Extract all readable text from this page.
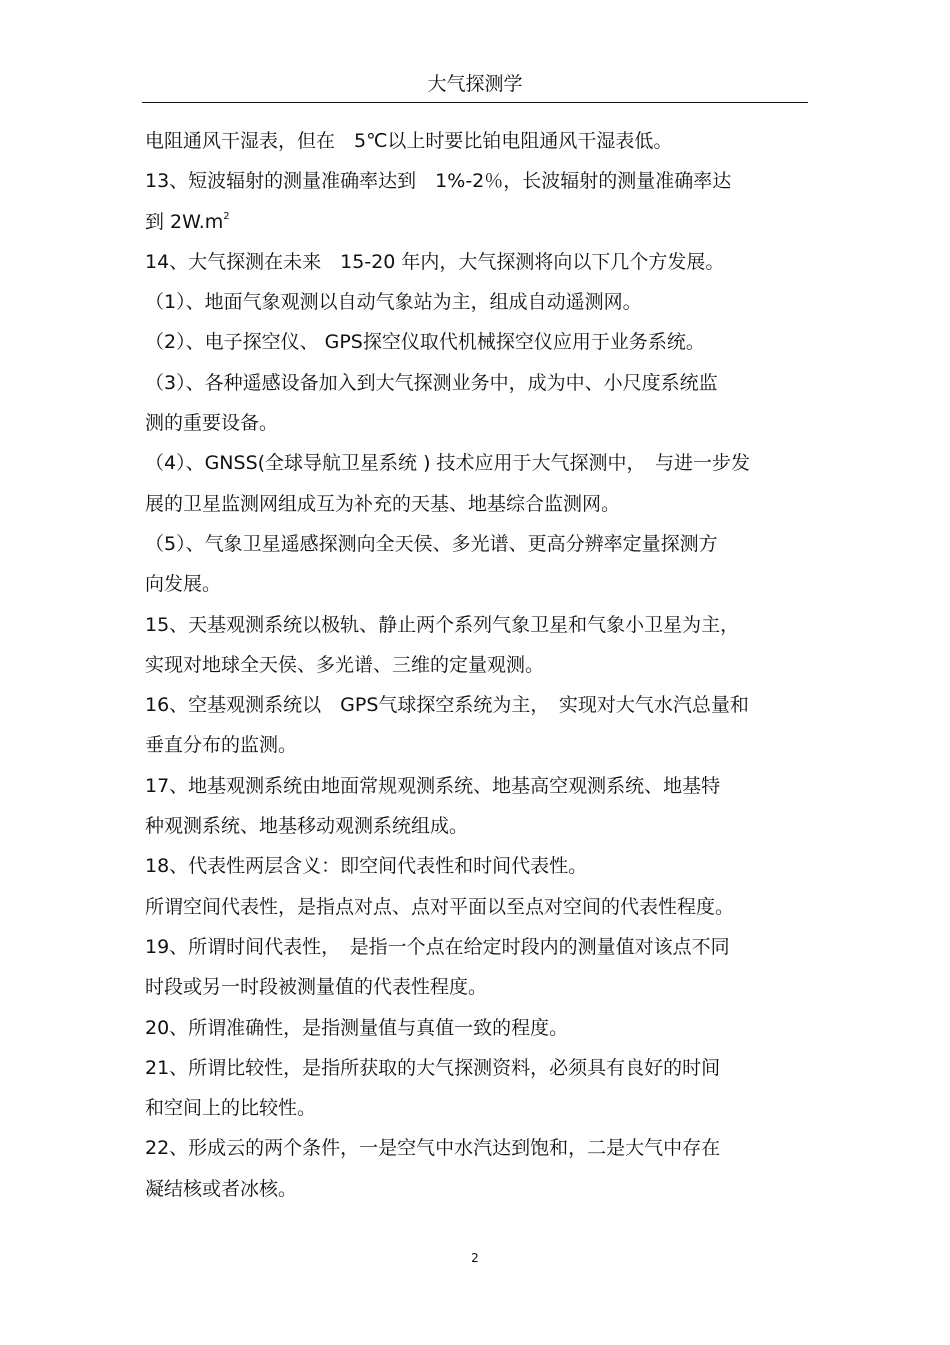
大气探测学
电阻通风干湿表，但在　5℃以上时要比铂电阻通风干湿表低。
13、短波辐射的测量准确率达到　1%-2％，长波辐射的测量准确率达
到 $2W.m^2$
14、大气探测在未来　15-20 年内，大气探测将向以下几个方发展。
（1）、地面气象观测以自动气象站为主，组成自动遥测网。
（2）、电子探空仪、 GPS探空仪取代机械探空仪应用于业务系统。
（3）、各种遥感设备加入到大气探测业务中，成为中、小尺度系统监
测的重要设备。
（4）、GNSS(全球导航卫星系统 ) 技术应用于大气探测中，　与进一步发
展的卫星监测网组成互为补充的天基、地基综合监测网。
（5）、气象卫星遥感探测向全天侯、多光谱、更高分辨率定量探测方
向发展。
15、天基观测系统以极轨、静止两个系列气象卫星和气象小卫星为主，
实现对地球全天侯、多光谱、三维的定量观测。
16、空基观测系统以　GPS气球探空系统为主，　实现对大气水汽总量和
垂直分布的监测。
17、地基观测系统由地面常规观测系统、地基高空观测系统、地基特
种观测系统、地基移动观测系统组成。
18、代表性两层含义：即空间代表性和时间代表性。
所谓空间代表性，是指点对点、点对平面以至点对空间的代表性程度。
19、所谓时间代表性，　是指一个点在给定时段内的测量值对该点不同
时段或另一时段被测量值的代表性程度。
20、所谓准确性，是指测量值与真值一致的程度。
21、所谓比较性，是指所获取的大气探测资料，必须具有良好的时间
和空间上的比较性。
22、形成云的两个条件，一是空气中水汽达到饱和，二是大气中存在
凝结核或者冰核。
2
